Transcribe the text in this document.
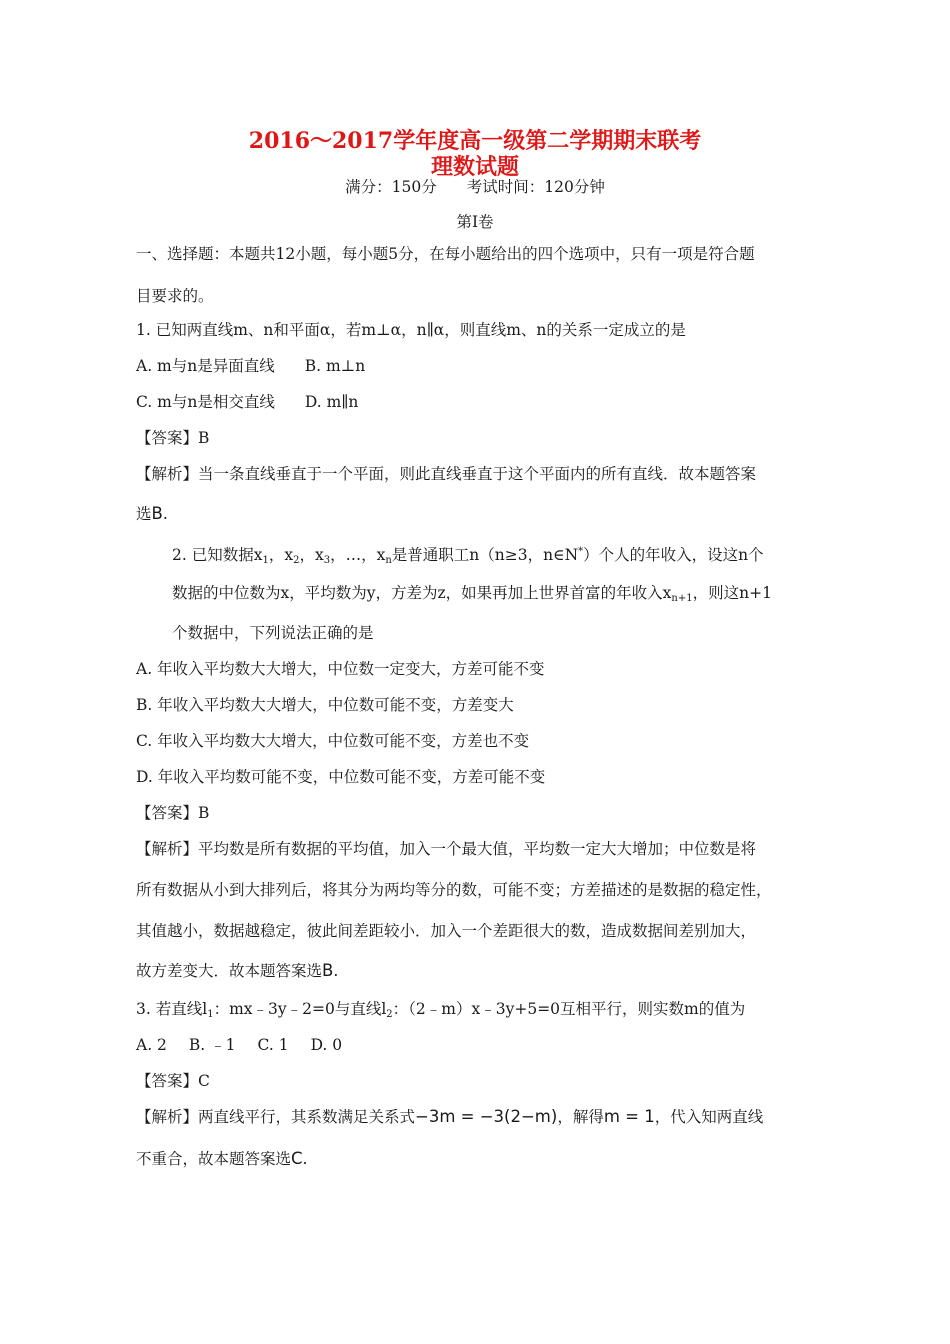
2016～2017学年度高一级第二学期期末联考
理数试题
满分：150分 考试时间：120分钟
第Ⅰ卷
一、选择题：本题共12小题，每小题5分，在每小题给出的四个选项中，只有一项是符合题
目要求的。
1. 已知两直线m、n和平面α，若m⊥α，n∥α，则直线m、n的关系一定成立的是
A. m与n是异面直线 B. m⊥n
C. m与n是相交直线 D. m∥n
【答案】B
【解析】当一条直线垂直于一个平面，则此直线垂直于这个平面内的所有直线．故本题答案
选B.
2. 已知数据$x_1$，$x_2$，$x_3$，…，$x_n$是普通职工n（n≥3，n∈N*）个人的年收入，设这n个
数据的中位数为x，平均数为y，方差为z，如果再加上世界首富的年收入$x_{n+1}$，则这n+1
个数据中，下列说法正确的是
A. 年收入平均数大大增大，中位数一定变大，方差可能不变
B. 年收入平均数大大增大，中位数可能不变，方差变大
C. 年收入平均数大大增大，中位数可能不变，方差也不变
D. 年收入平均数可能不变，中位数可能不变，方差可能不变
【答案】B
【解析】平均数是所有数据的平均值，加入一个最大值，平均数一定大大增加；中位数是将
所有数据从小到大排列后，将其分为两均等分的数，可能不变；方差描述的是数据的稳定性，
其值越小，数据越稳定，彼此间差距较小．加入一个差距很大的数，造成数据间差别加大，
故方差变大．故本题答案选B.
3. 若直线$l_1$：mx﹣3y﹣2=0与直线$l_2$：（2﹣m）x﹣3y+5=0互相平行，则实数m的值为
A. 2 B. ﹣1 C. 1 D. 0
【答案】C
【解析】两直线平行，其系数满足关系式−3m = −3(2−m)，解得m = 1，代入知两直线
不重合，故本题答案选C.
